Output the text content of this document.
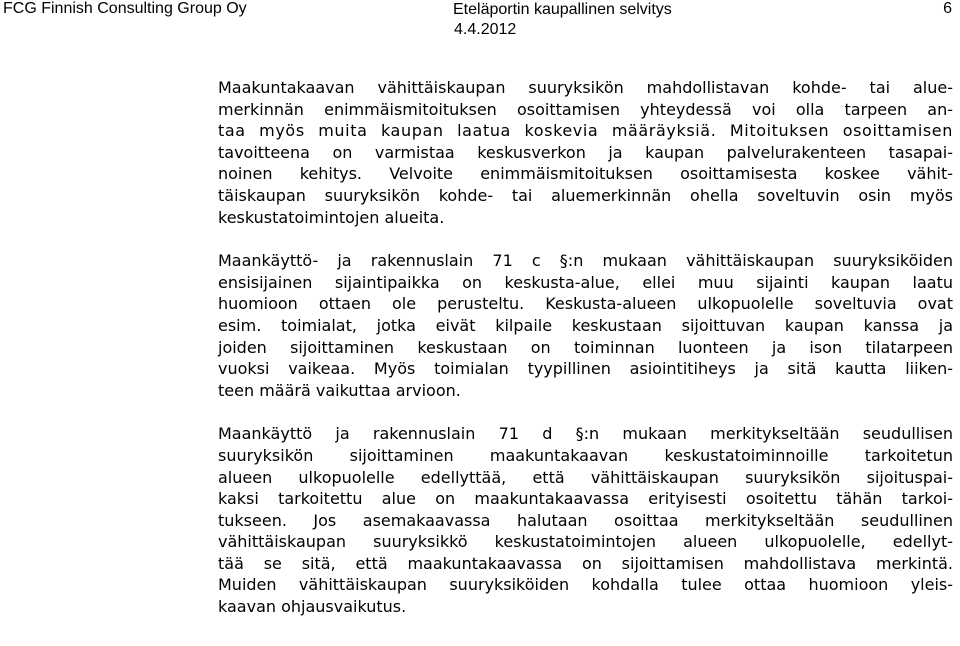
FCG Finnish Consulting Group Oy	Eteläportin kaupallinen selvitys
4.4.2012
6

Maakuntakaavan vähittäiskaupan suuryksikön mahdollistavan kohde- tai alue-
merkinnän enimmäismitoituksen osoittamisen yhteydessä voi olla tarpeen an-
taa myös muita kaupan laatua koskevia määräyksiä. Mitoituksen osoittamisen
tavoitteena on varmistaa keskusverkon ja kaupan palvelurakenteen tasapai-
noinen kehitys. Velvoite enimmäismitoituksen osoittamisesta koskee vähit-
täiskaupan suuryksikön kohde- tai aluemerkinnän ohella soveltuvin osin myös
keskustatoimintojen alueita.

Maankäyttö- ja rakennuslain 71 c §:n mukaan vähittäiskaupan suuryksiköiden
ensisijainen sijaintipaikka on keskusta-alue, ellei muu sijainti kaupan laatu
huomioon ottaen ole perusteltu. Keskusta-alueen ulkopuolelle soveltuvia ovat
esim. toimialat, jotka eivät kilpaile keskustaan sijoittuvan kaupan kanssa ja
joiden sijoittaminen keskustaan on toiminnan luonteen ja ison tilatarpeen
vuoksi vaikeaa. Myös toimialan tyypillinen asiointitiheys ja sitä kautta liiken-
teen määrä vaikuttaa arvioon.

Maankäyttö ja rakennuslain 71 d §:n mukaan merkitykseltään seudullisen
suuryksikön sijoittaminen maakuntakaavan keskustatoiminnoille tarkoitetun
alueen ulkopuolelle edellyttää, että vähittäiskaupan suuryksikön sijoituspai-
kaksi tarkoitettu alue on maakuntakaavassa erityisesti osoitettu tähän tarkoi-
tukseen. Jos asemakaavassa halutaan osoittaa merkitykseltään seudullinen
vähittäiskaupan suuryksikkö keskustatoimintojen alueen ulkopuolelle, edellyt-
tää se sitä, että maakuntakaavassa on sijoittamisen mahdollistava merkintä.
Muiden vähittäiskaupan suuryksiköiden kohdalla tulee ottaa huomioon yleis-
kaavan ohjausvaikutus.
